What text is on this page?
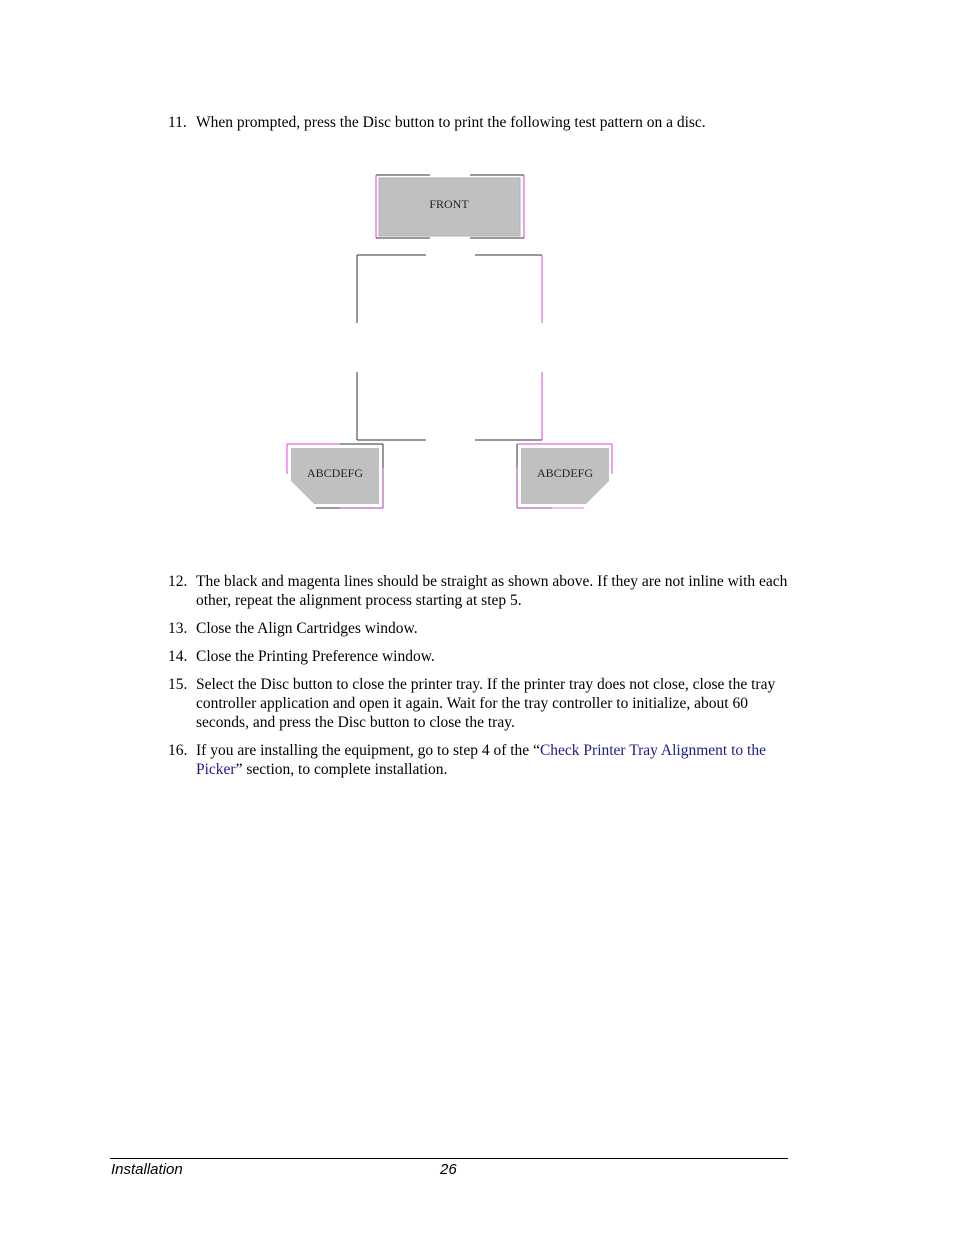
11. When prompted, press the Disc button to print the following test pattern on a disc.
FRONT
ABCDEFG	ABCDEFG
12. The black and magenta lines should be straight as shown above. If they are not inline with each other, repeat the alignment process starting at step 5.
13. Close the Align Cartridges window.
14. Close the Printing Preference window.
15. Select the Disc button to close the printer tray. If the printer tray does not close, close the tray controller application and open it again. Wait for the tray controller to initialize, about 60 seconds, and press the Disc button to close the tray.
16. If you are installing the equipment, go to step 4 of the “Check Printer Tray Alignment to the Picker” section, to complete installation.
Installation	26
